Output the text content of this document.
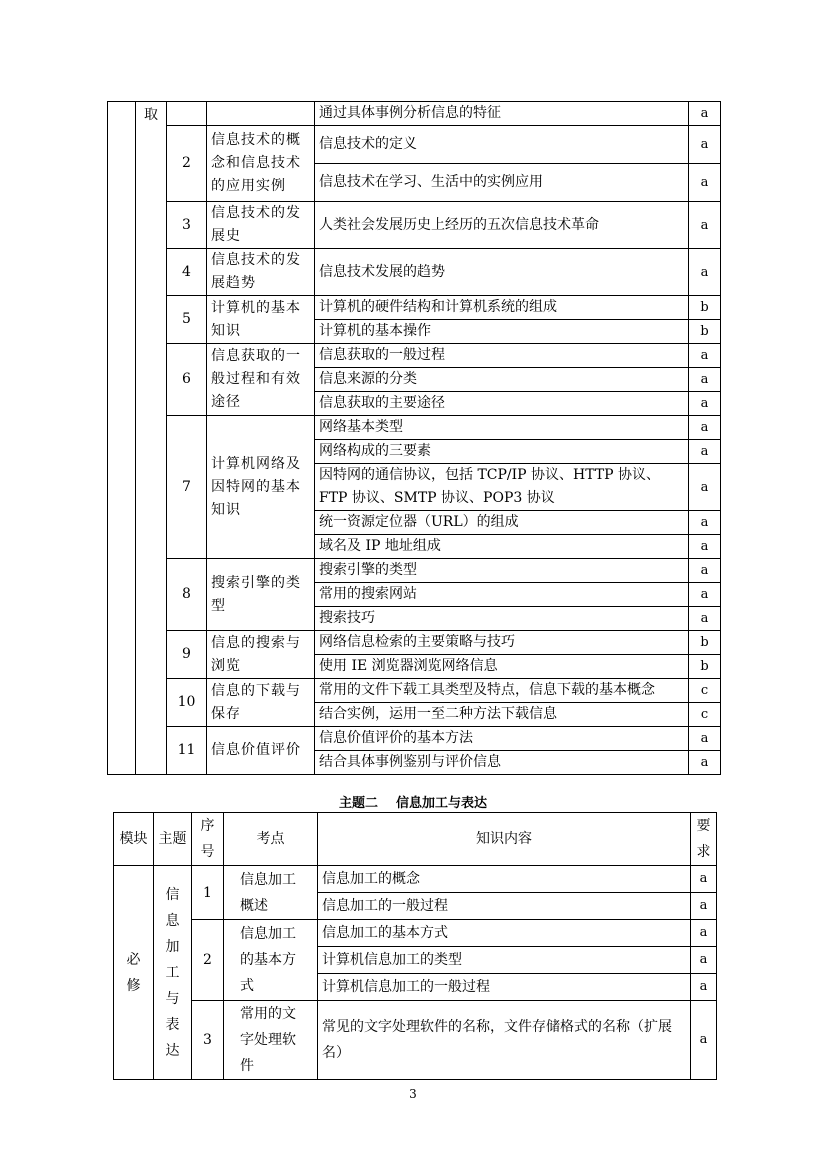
	取			通过具体事例分析信息的特征	a
		2	信息技术的概念和信息技术的应用实例	信息技术的定义	a
				信息技术在学习、生活中的实例应用	a
		3	信息技术的发展史	人类社会发展历史上经历的五次信息技术革命	a
		4	信息技术的发展趋势	信息技术发展的趋势	a
		5	计算机的基本知识	计算机的硬件结构和计算机系统的组成	b
				计算机的基本操作	b
		6	信息获取的一般过程和有效途径	信息获取的一般过程	a
				信息来源的分类	a
				信息获取的主要途径	a
		7	计算机网络及因特网的基本知识	网络基本类型	a
				网络构成的三要素	a
				因特网的通信协议，包括 TCP/IP 协议、HTTP 协议、FTP 协议、SMTP 协议、POP3 协议	a
				统一资源定位器（URL）的组成	a
				域名及 IP 地址组成	a
		8	搜索引擎的类型	搜索引擎的类型	a
				常用的搜索网站	a
				搜索技巧	a
		9	信息的搜索与浏览	网络信息检索的主要策略与技巧	b
				使用 IE 浏览器浏览网络信息	b
		10	信息的下载与保存	常用的文件下载工具类型及特点，信息下载的基本概念	c
				结合实例，运用一至二种方法下载信息	c
		11	信息价值评价	信息价值评价的基本方法	a
				结合具体事例鉴别与评价信息	a
主题二 信息加工与表达
模块	主题	序号	考点	知识内容	要求
必修	信息加工与表达	1	信息加工概述	信息加工的概念	a
				信息加工的一般过程	a
		2	信息加工的基本方式	信息加工的基本方式	a
				计算机信息加工的类型	a
				计算机信息加工的一般过程	a
		3	常用的文字处理软件	常见的文字处理软件的名称，文件存储格式的名称（扩展名）	a
3
